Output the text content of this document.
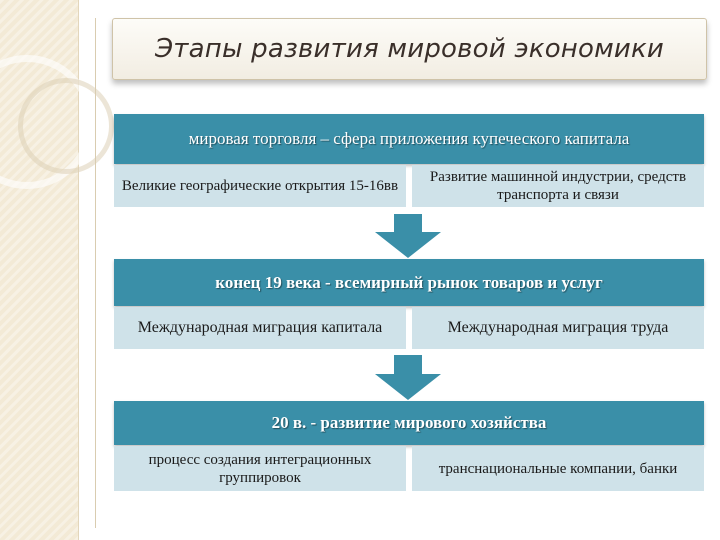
Этапы развития мировой экономики
мировая торговля – сфера приложения купеческого капитала
Великие географические открытия 15-16вв
Развитие машинной индустрии, средств транспорта и связи
конец 19 века - всемирный рынок товаров и услуг
Международная миграция капитала	Международная миграция труда
20 в. - развитие мирового хозяйства
процесс создания интеграционных группировок
транснациональные компании, банки
